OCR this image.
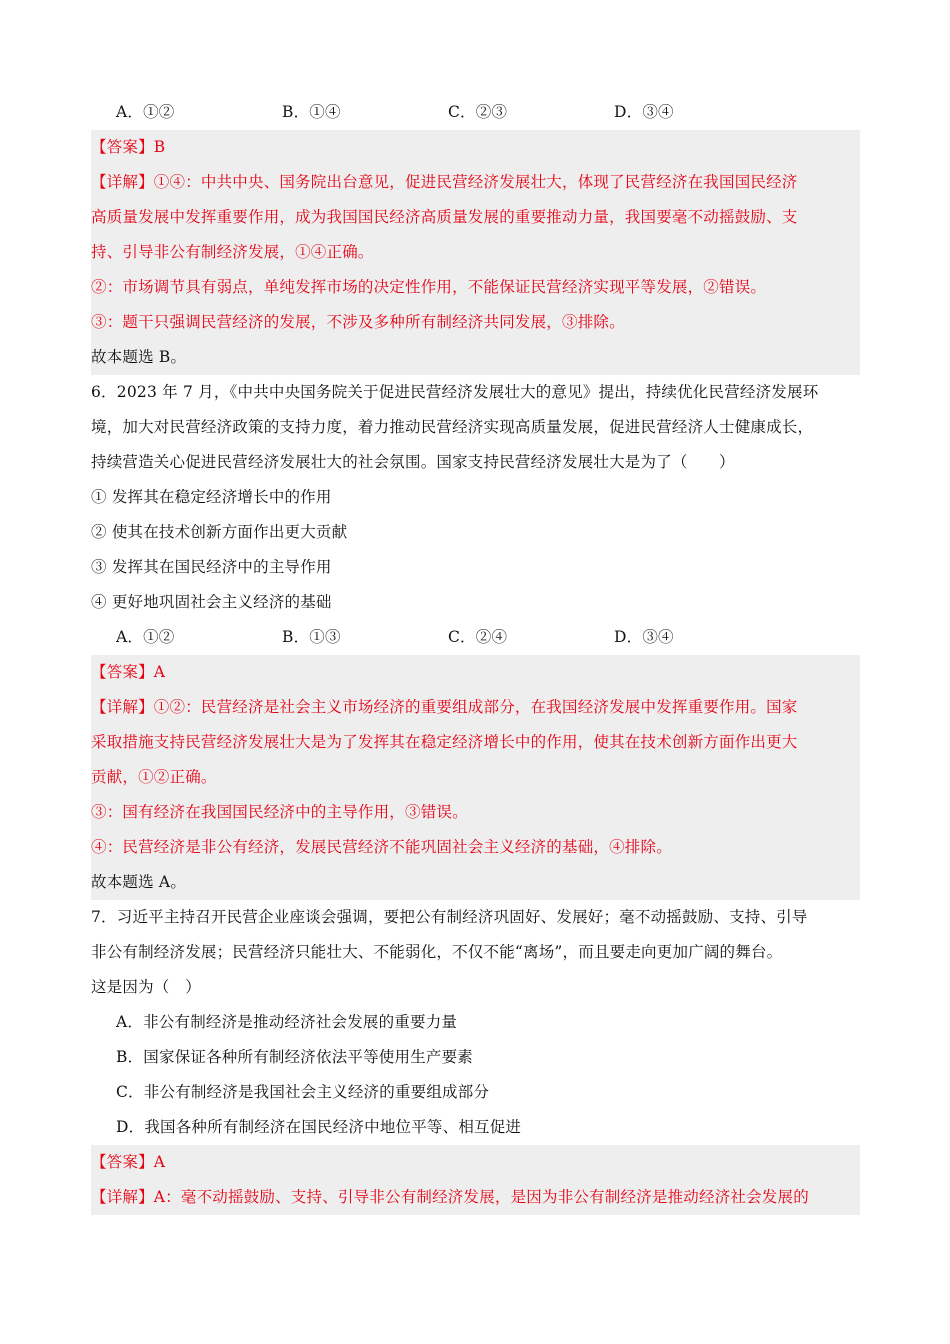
A．①②	B．①④	C．②③	D．③④
【答案】B
【详解】①④：中共中央、国务院出台意见，促进民营经济发展壮大，体现了民营经济在我国国民经济
高质量发展中发挥重要作用，成为我国国民经济高质量发展的重要推动力量，我国要毫不动摇鼓励、支
持、引导非公有制经济发展，①④正确。
②：市场调节具有弱点，单纯发挥市场的决定性作用，不能保证民营经济实现平等发展，②错误。
③：题干只强调民营经济的发展，不涉及多种所有制经济共同发展，③排除。
故本题选 B。
6．2023 年 7 月，《中共中央国务院关于促进民营经济发展壮大的意见》提出，持续优化民营经济发展环
境，加大对民营经济政策的支持力度，着力推动民营经济实现高质量发展，促进民营经济人士健康成长，
持续营造关心促进民营经济发展壮大的社会氛围。国家支持民营经济发展壮大是为了（　　）
① 发挥其在稳定经济增长中的作用
② 使其在技术创新方面作出更大贡献
③ 发挥其在国民经济中的主导作用
④ 更好地巩固社会主义经济的基础
A．①②	B．①③	C．②④	D．③④
【答案】A
【详解】①②：民营经济是社会主义市场经济的重要组成部分，在我国经济发展中发挥重要作用。国家
采取措施支持民营经济发展壮大是为了发挥其在稳定经济增长中的作用，使其在技术创新方面作出更大
贡献，①②正确。
③：国有经济在我国国民经济中的主导作用，③错误。
④：民营经济是非公有经济，发展民营经济不能巩固社会主义经济的基础，④排除。
故本题选 A。
7．习近平主持召开民营企业座谈会强调，要把公有制经济巩固好、发展好；毫不动摇鼓励、支持、引导
非公有制经济发展；民营经济只能壮大、不能弱化，不仅不能“离场”，而且要走向更加广阔的舞台。
这是因为（　）
A．非公有制经济是推动经济社会发展的重要力量
B．国家保证各种所有制经济依法平等使用生产要素
C．非公有制经济是我国社会主义经济的重要组成部分
D．我国各种所有制经济在国民经济中地位平等、相互促进
【答案】A
【详解】A：毫不动摇鼓励、支持、引导非公有制经济发展，是因为非公有制经济是推动经济社会发展的
